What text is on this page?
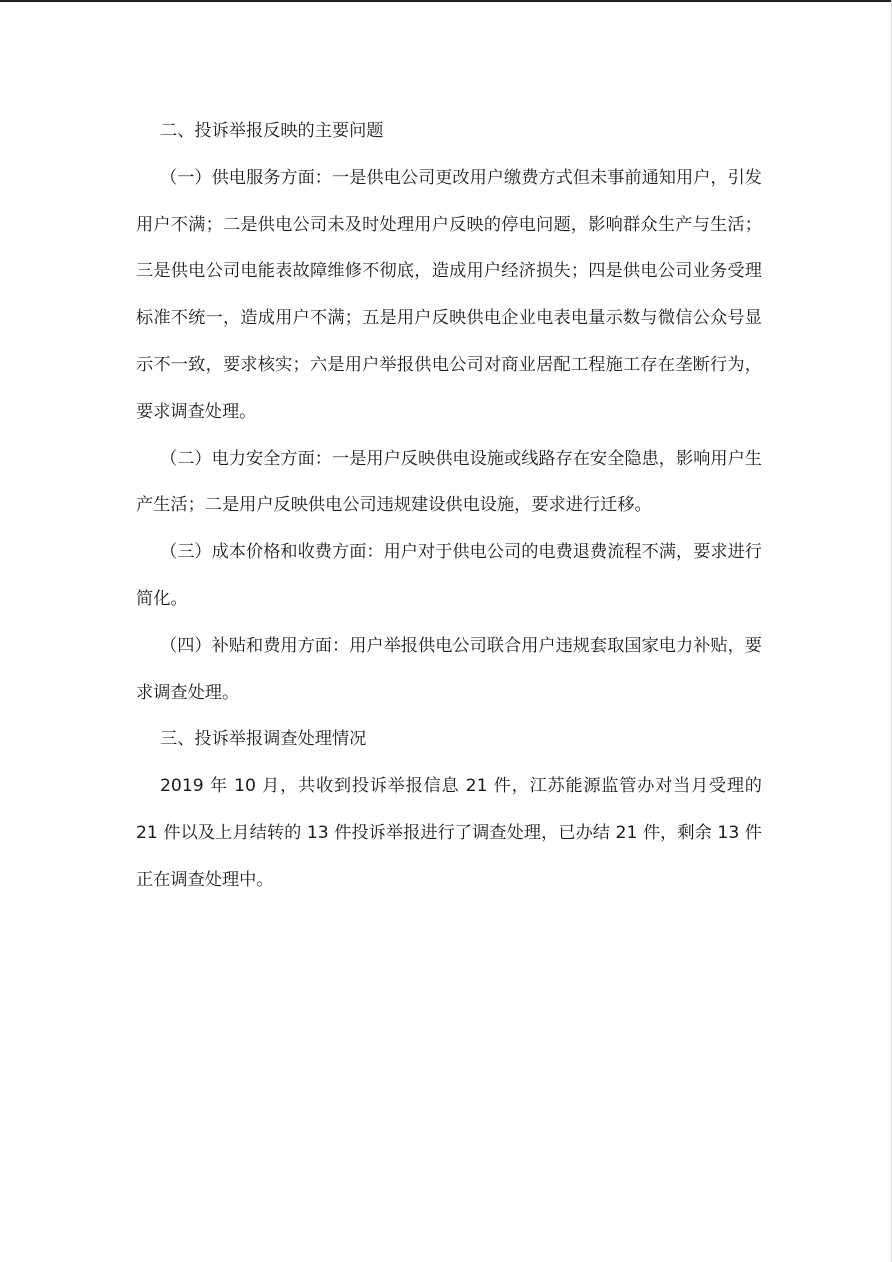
二、投诉举报反映的主要问题

（一）供电服务方面：一是供电公司更改用户缴费方式但未事前通知用户，引发用户不满；二是供电公司未及时处理用户反映的停电问题，影响群众生产与生活；三是供电公司电能表故障维修不彻底，造成用户经济损失；四是供电公司业务受理标准不统一，造成用户不满；五是用户反映供电企业电表电量示数与微信公众号显示不一致，要求核实；六是用户举报供电公司对商业居配工程施工存在垄断行为，要求调查处理。

（二）电力安全方面：一是用户反映供电设施或线路存在安全隐患，影响用户生产生活；二是用户反映供电公司违规建设供电设施，要求进行迁移。

（三）成本价格和收费方面：用户对于供电公司的电费退费流程不满，要求进行简化。

（四）补贴和费用方面：用户举报供电公司联合用户违规套取国家电力补贴，要求调查处理。

三、投诉举报调查处理情况

2019 年 10 月，共收到投诉举报信息 21 件，江苏能源监管办对当月受理的 21 件以及上月结转的 13 件投诉举报进行了调查处理，已办结 21 件，剩余 13 件正在调查处理中。
